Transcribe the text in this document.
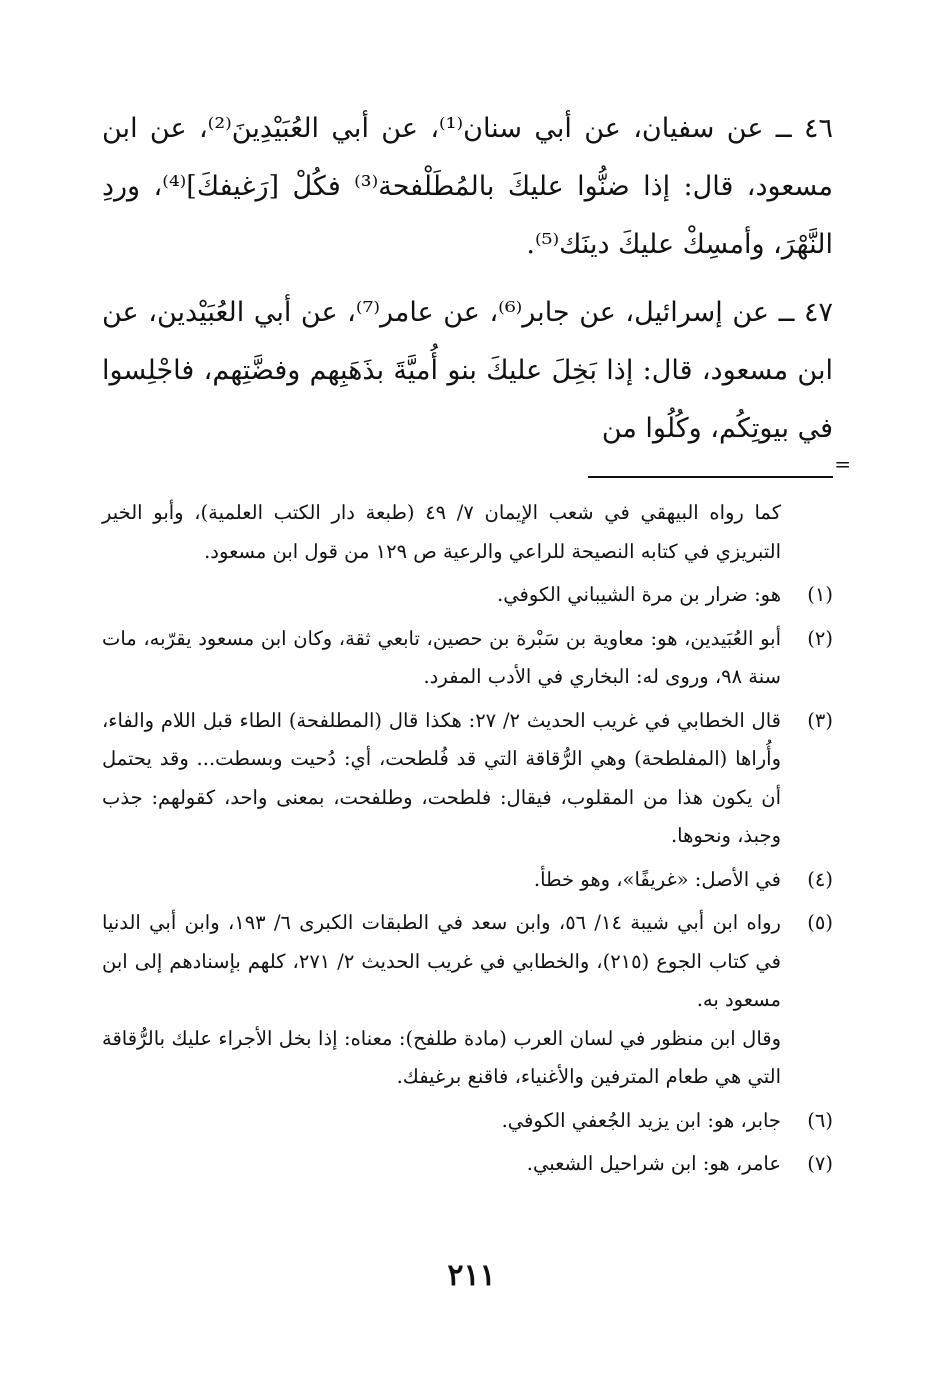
٤٦ ــ عن سفيان، عن أبي سنان⁽¹⁾، عن أبي العُبَيْدِينَ⁽²⁾، عن ابن مسعود، قال: إذا ضنُّوا عليكَ بالمُطَلْفحة⁽³⁾ فكُلْ [رَغيفكَ]⁽⁴⁾، وردِ النَّهْرَ، وأمسِكْ عليكَ دينَك⁽⁵⁾.

٤٧ ــ عن إسرائيل، عن جابر⁽⁶⁾، عن عامر⁽⁷⁾، عن أبي العُبَيْدين، عن ابن مسعود، قال: إذا بَخِلَ عليكَ بنو أُميَّةَ بذَهَبِهم وفضَّتِهم، فاجْلِسوا في بيوتِكُم، وكُلُوا من

=
كما رواه البيهقي في شعب الإيمان ٧/ ٤٩ (طبعة دار الكتب العلمية)، وأبو الخير التبريزي في كتابه النصيحة للراعي والرعية ص ١٢٩ من قول ابن مسعود.
(١)
هو: ضرار بن مرة الشيباني الكوفي.
(٢)
أبو العُبَيدين، هو: معاوية بن سَبْرة بن حصين، تابعي ثقة، وكان ابن مسعود يقرّبه، مات سنة ٩٨، وروى له: البخاري في الأدب المفرد.
(٣)
قال الخطابي في غريب الحديث ٢/ ٢٧: هكذا قال (المطلفحة) الطاء قبل اللام والفاء، وأُراها (المفلطحة) وهي الرُّقاقة التي قد فُلطحت، أي: دُحيت وبسطت... وقد يحتمل أن يكون هذا من المقلوب، فيقال: فلطحت، وطلفحت، بمعنى واحد، كقولهم: جذب وجبذ، ونحوها.
(٤)
في الأصل: «غريفًا»، وهو خطأ.
(٥)
رواه ابن أبي شيبة ١٤/ ٥٦، وابن سعد في الطبقات الكبرى ٦/ ١٩٣، وابن أبي الدنيا في كتاب الجوع (٢١٥)، والخطابي في غريب الحديث ٢/ ٢٧١، كلهم بإسنادهم إلى ابن مسعود به.
وقال ابن منظور في لسان العرب (مادة طلفح): معناه: إذا بخل الأجراء عليك بالرُّقاقة التي هي طعام المترفين والأغنياء، فاقنع برغيفك.
(٦)
جابر، هو: ابن يزيد الجُعفي الكوفي.
(٧)
عامر، هو: ابن شراحيل الشعبي.
٢١١
